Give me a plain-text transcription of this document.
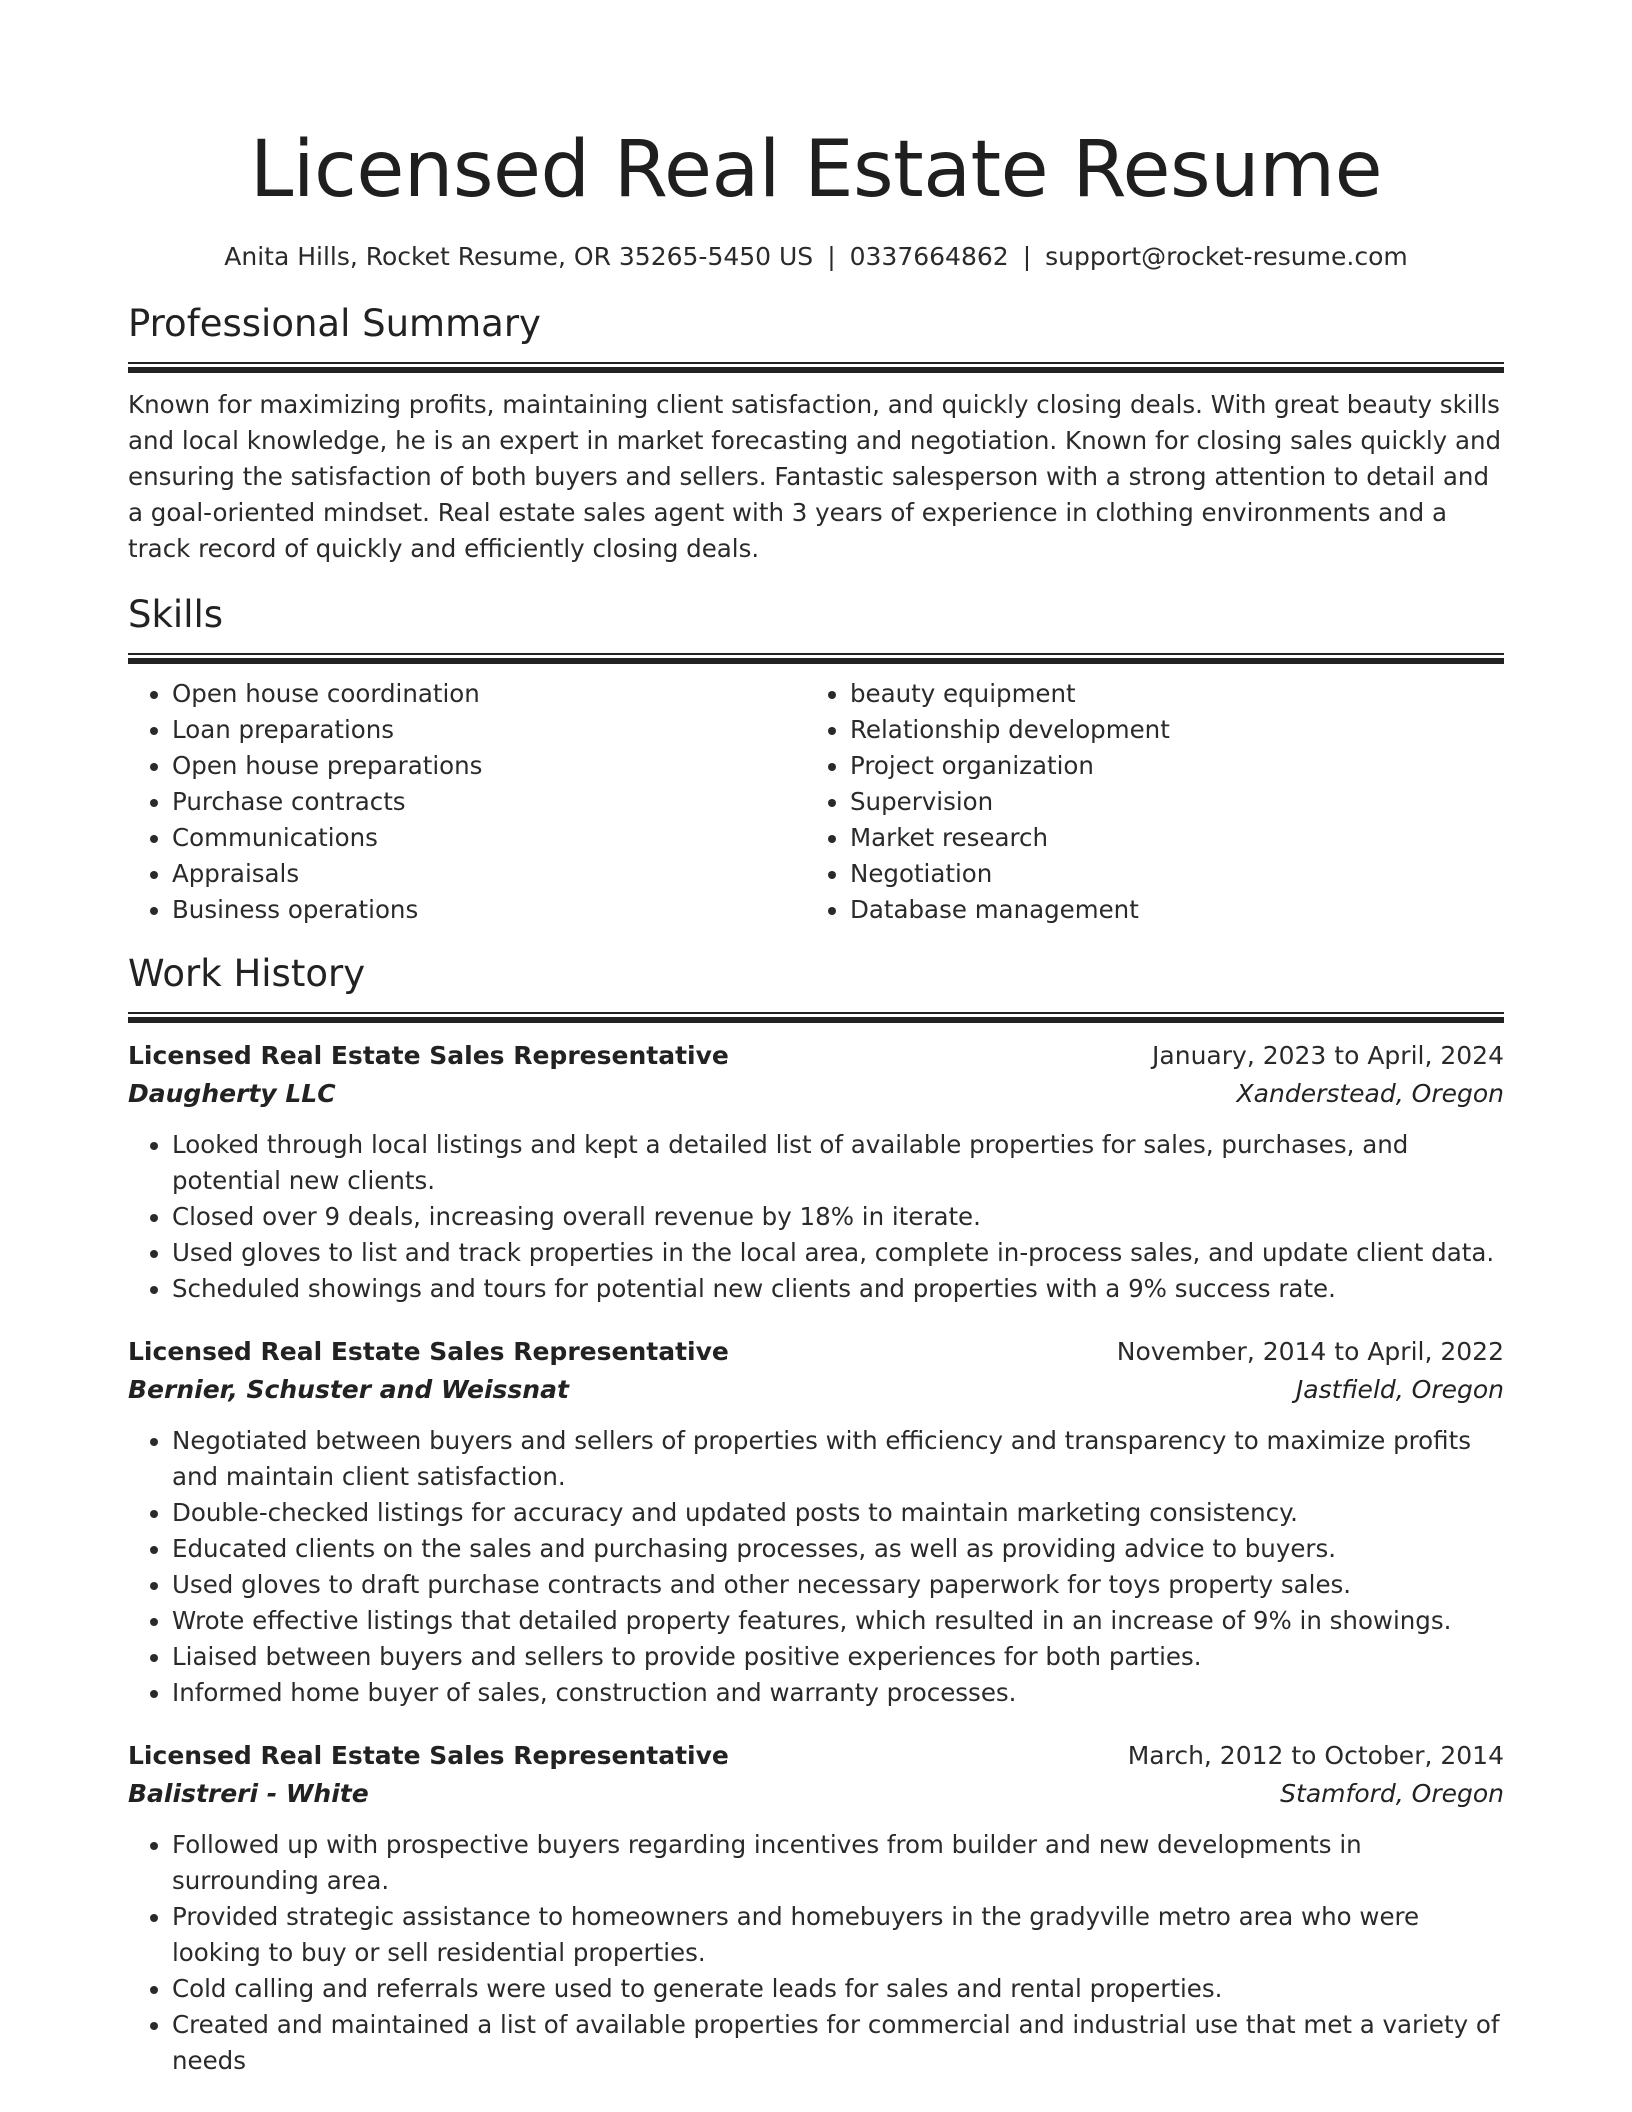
Licensed Real Estate Resume
Anita Hills, Rocket Resume, OR 35265-5450 US | 0337664862 | support@rocket-resume.com
Professional Summary

Known for maximizing profits, maintaining client satisfaction, and quickly closing deals. With great beauty skills and local knowledge, he is an expert in market forecasting and negotiation. Known for closing sales quickly and ensuring the satisfaction of both buyers and sellers. Fantastic salesperson with a strong attention to detail and a goal-oriented mindset. Real estate sales agent with 3 years of experience in clothing environments and a track record of quickly and efficiently closing deals.

Skills
• Open house coordination
• Loan preparations
• Open house preparations
• Purchase contracts
• Communications
• Appraisals
• Business operations
• beauty equipment
• Relationship development
• Project organization
• Supervision
• Market research
• Negotiation
• Database management
Work History
Licensed Real Estate Sales Representative	January, 2023 to April, 2024
Daugherty LLC	Xanderstead, Oregon
• Looked through local listings and kept a detailed list of available properties for sales, purchases, and potential new clients.
• Closed over 9 deals, increasing overall revenue by 18% in iterate.
• Used gloves to list and track properties in the local area, complete in-process sales, and update client data.
• Scheduled showings and tours for potential new clients and properties with a 9% success rate.
Licensed Real Estate Sales Representative	November, 2014 to April, 2022
Bernier, Schuster and Weissnat	Jastfield, Oregon
• Negotiated between buyers and sellers of properties with efficiency and transparency to maximize profits and maintain client satisfaction.
• Double-checked listings for accuracy and updated posts to maintain marketing consistency.
• Educated clients on the sales and purchasing processes, as well as providing advice to buyers.
• Used gloves to draft purchase contracts and other necessary paperwork for toys property sales.
• Wrote effective listings that detailed property features, which resulted in an increase of 9% in showings.
• Liaised between buyers and sellers to provide positive experiences for both parties.
• Informed home buyer of sales, construction and warranty processes.
Licensed Real Estate Sales Representative	March, 2012 to October, 2014
Balistreri - White	Stamford, Oregon
• Followed up with prospective buyers regarding incentives from builder and new developments in surrounding area.
• Provided strategic assistance to homeowners and homebuyers in the gradyville metro area who were looking to buy or sell residential properties.
• Cold calling and referrals were used to generate leads for sales and rental properties.
• Created and maintained a list of available properties for commercial and industrial use that met a variety of needs
